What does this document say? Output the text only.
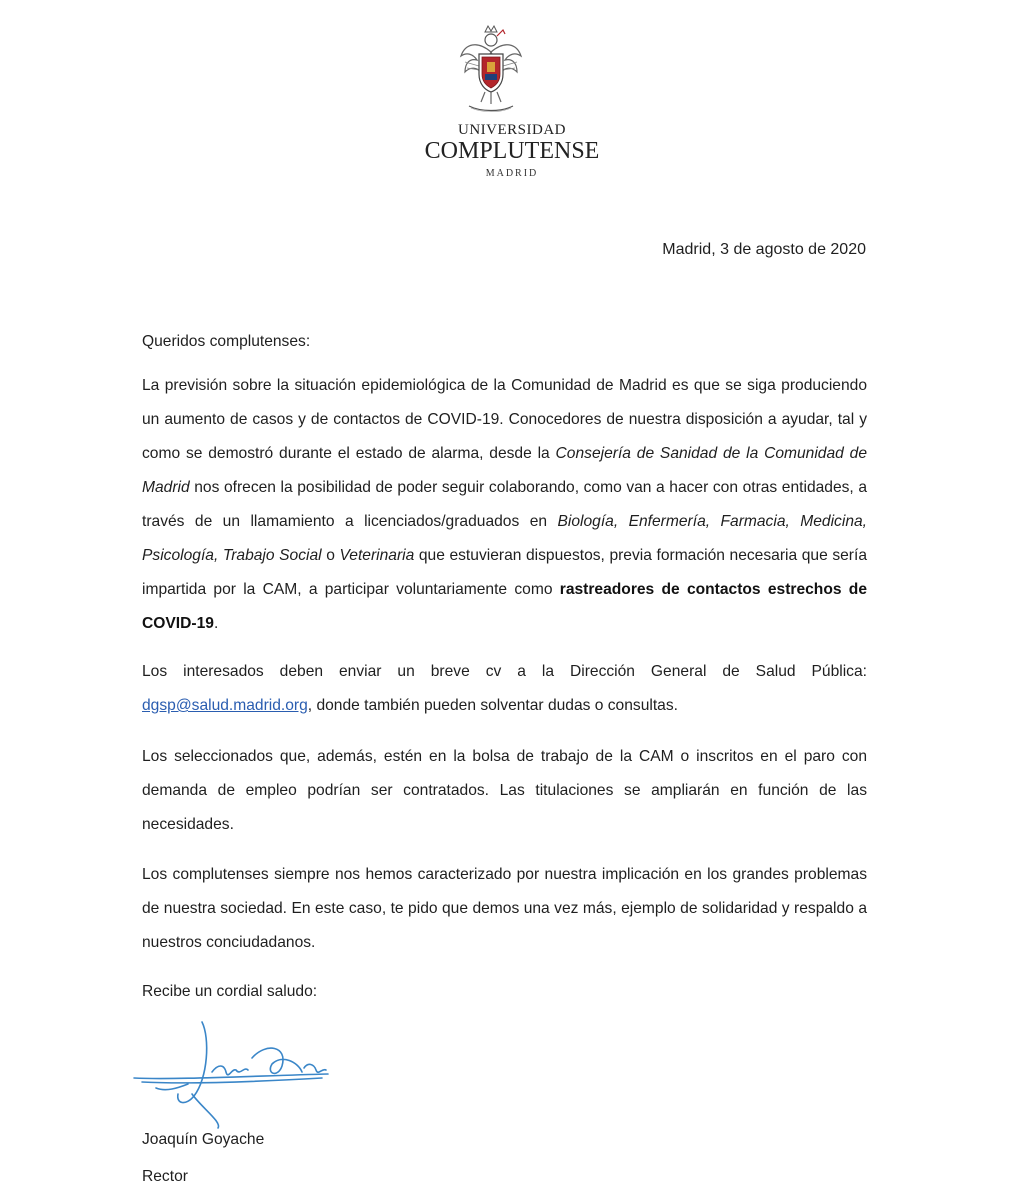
UNIVERSIDAD
COMPLUTENSE
MADRID
Madrid, 3 de agosto de 2020
Queridos complutenses:
La previsión sobre la situación epidemiológica de la Comunidad de Madrid es que se siga produciendo un aumento de casos y de contactos de COVID-19. Conocedores de nuestra disposición a ayudar, tal y como se demostró durante el estado de alarma, desde la Consejería de Sanidad de la Comunidad de Madrid nos ofrecen la posibilidad de poder seguir colaborando, como van a hacer con otras entidades, a través de un llamamiento a licenciados/graduados en Biología, Enfermería, Farmacia, Medicina, Psicología, Trabajo Social o Veterinaria que estuvieran dispuestos, previa formación necesaria que sería impartida por la CAM, a participar voluntariamente como rastreadores de contactos estrechos de COVID-19.
Los interesados deben enviar un breve cv a la Dirección General de Salud Pública: dgsp@salud.madrid.org, donde también pueden solventar dudas o consultas.
Los seleccionados que, además, estén en la bolsa de trabajo de la CAM o inscritos en el paro con demanda de empleo podrían ser contratados. Las titulaciones se ampliarán en función de las necesidades.
Los complutenses siempre nos hemos caracterizado por nuestra implicación en los grandes problemas de nuestra sociedad. En este caso, te pido que demos una vez más, ejemplo de solidaridad y respaldo a nuestros conciudadanos.
Recibe un cordial saludo:
Joaquín Goyache
Rector
